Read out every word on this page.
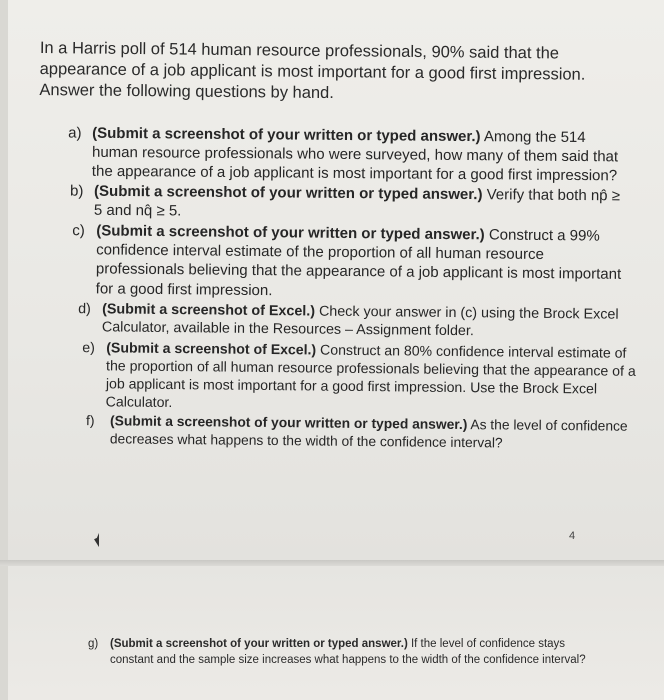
In a Harris poll of 514 human resource professionals, 90% said that the appearance of a job applicant is most important for a good first impression. Answer the following questions by hand.
a) (Submit a screenshot of your written or typed answer.) Among the 514 human resource professionals who were surveyed, how many of them said that the appearance of a job applicant is most important for a good first impression?
b) (Submit a screenshot of your written or typed answer.) Verify that both np̂ ≥ 5 and nq̂ ≥ 5.
c) (Submit a screenshot of your written or typed answer.) Construct a 99% confidence interval estimate of the proportion of all human resource professionals believing that the appearance of a job applicant is most important for a good first impression.
d) (Submit a screenshot of Excel.) Check your answer in (c) using the Brock Excel Calculator, available in the Resources – Assignment folder.
e) (Submit a screenshot of Excel.) Construct an 80% confidence interval estimate of the proportion of all human resource professionals believing that the appearance of a job applicant is most important for a good first impression. Use the Brock Excel Calculator.
f) (Submit a screenshot of your written or typed answer.) As the level of confidence decreases what happens to the width of the confidence interval?
4
g) (Submit a screenshot of your written or typed answer.) If the level of confidence stays constant and the sample size increases what happens to the width of the confidence interval?
